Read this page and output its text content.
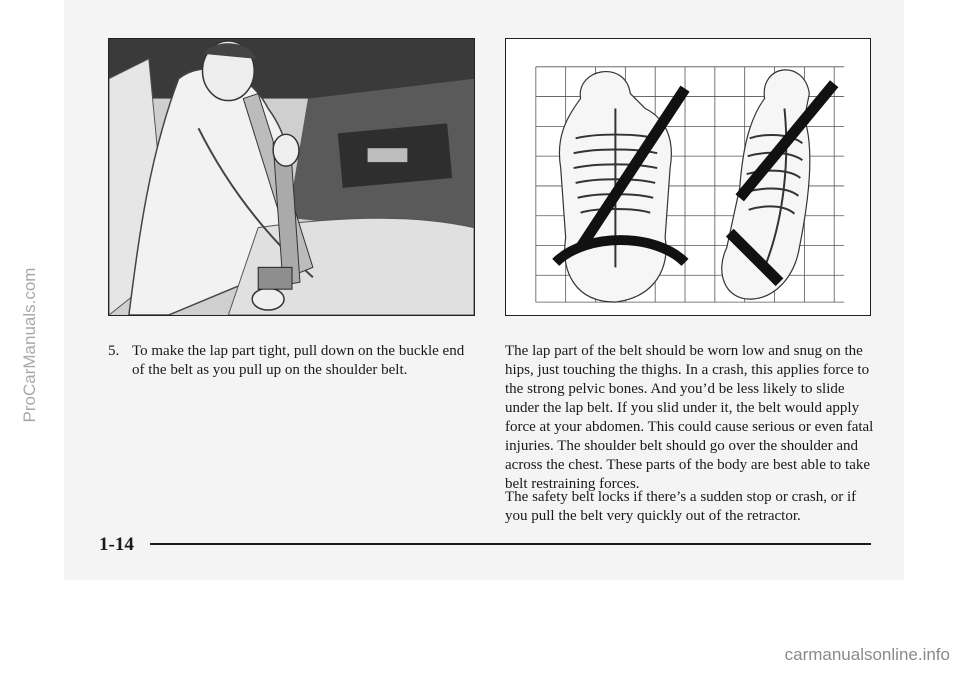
5. To make the lap part tight, pull down on the buckle end of the belt as you pull up on the shoulder belt.
The lap part of the belt should be worn low and snug on the hips, just touching the thighs. In a crash, this applies force to the strong pelvic bones. And you’d be less likely to slide under the lap belt. If you slid under it, the belt would apply force at your abdomen. This could cause serious or even fatal injuries. The shoulder belt should go over the shoulder and across the chest. These parts of the body are best able to take belt restraining forces.
The safety belt locks if there’s a sudden stop or crash, or if you pull the belt very quickly out of the retractor.
1-14
ProCarManuals.com
carmanualsonline.info
